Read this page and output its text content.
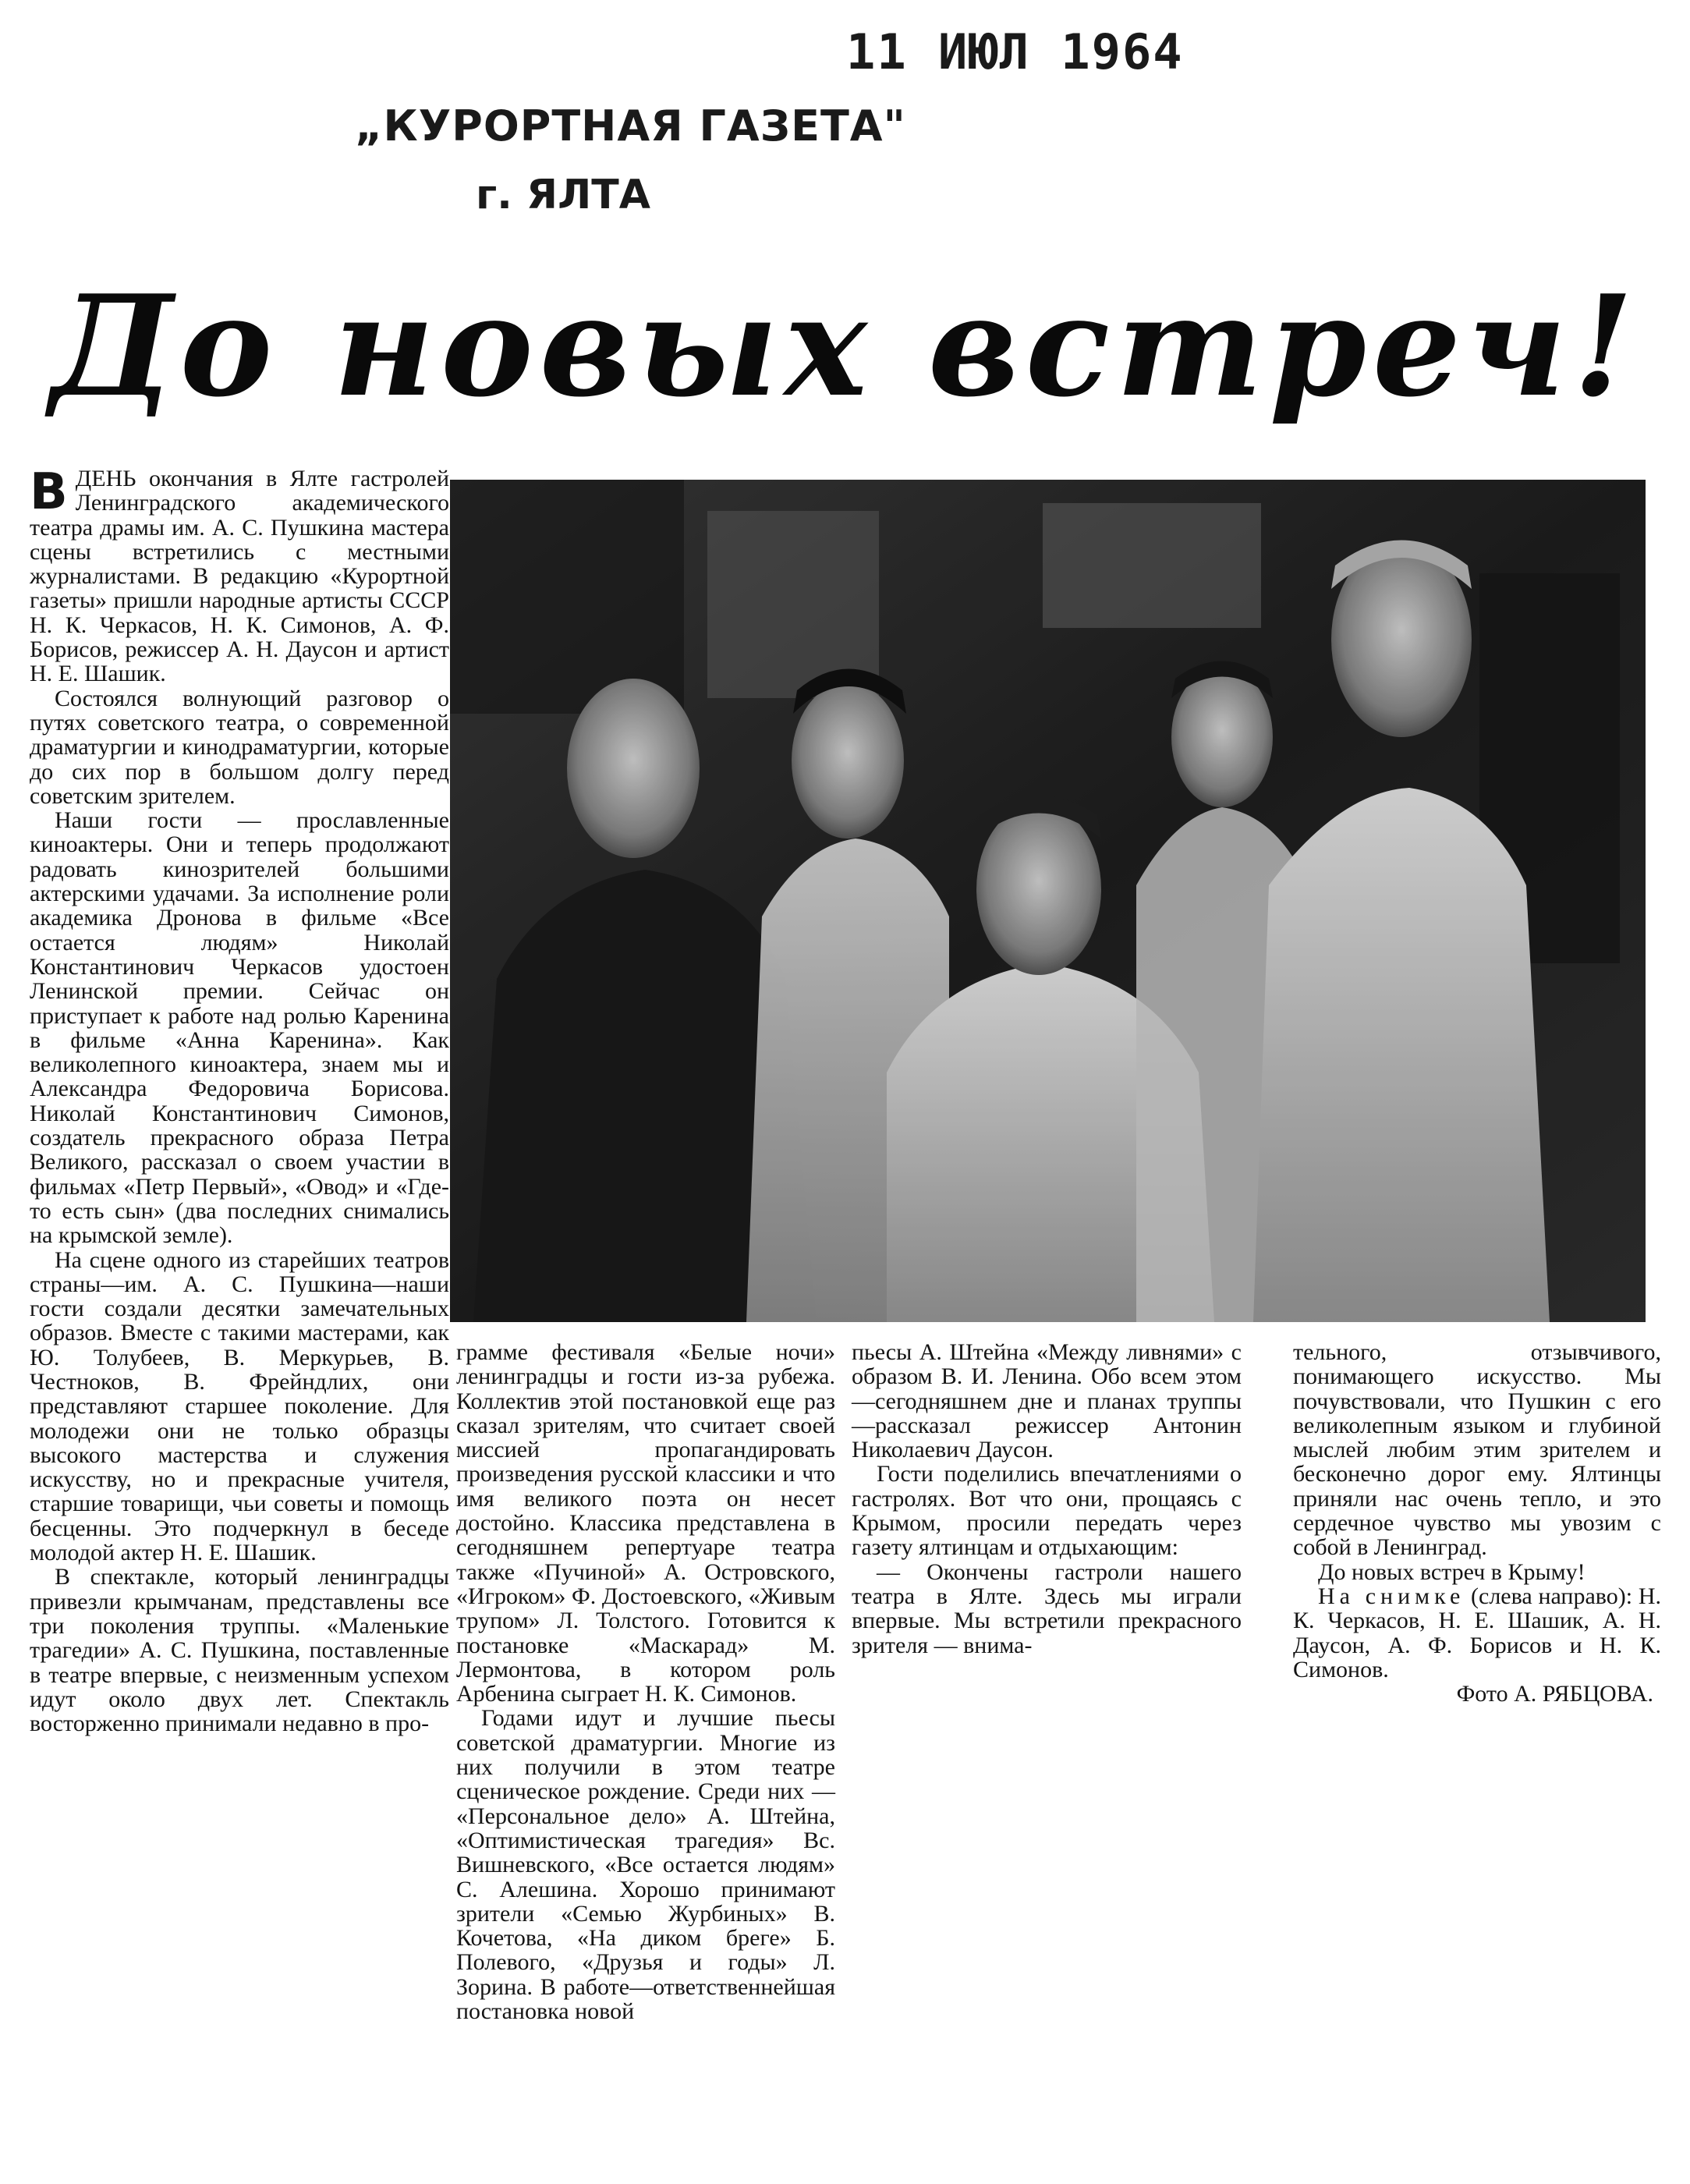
11 ИЮЛ 1964
„КУРОРТНАЯ ГАЗЕТА"
г. ЯЛТА
До новых встреч!
В ДЕНЬ окончания в Ялте гастролей Ленинградского академического театра драмы им. А. С. Пушкина мастера сцены встретились с местными журналистами. В редакцию «Курортной газеты» пришли народные артисты СССР Н. К. Черкасов, Н. К. Симонов, А. Ф. Борисов, режиссер А. Н. Даусон и артист Н. Е. Шашик.

Состоялся волнующий разговор о путях советского театра, о современной драматургии и кинодраматургии, которые до сих пор в большом долгу перед советским зрителем.

Наши гости — прославленные киноактеры. Они и теперь продолжают радовать кинозрителей большими актерскими удачами. За исполнение роли академика Дронова в фильме «Все остается людям» Николай Константинович Черкасов удостоен Ленинской премии. Сейчас он приступает к работе над ролью Каренина в фильме «Анна Каренина». Как великолепного киноактера, знаем мы и Александра Федоровича Борисова. Николай Константинович Симонов, создатель прекрасного образа Петра Великого, рассказал о своем участии в фильмах «Петр Первый», «Овод» и «Где-то есть сын» (два последних снимались на крымской земле).

На сцене одного из старейших театров страны—им. А. С. Пушкина—наши гости создали десятки замечательных образов. Вместе с такими мастерами, как Ю. Толубеев, В. Меркурьев, В. Честноков, В. Фрейндлих, они представляют старшее поколение. Для молодежи они не только образцы высокого мастерства и служения искусству, но и прекрасные учителя, старшие товарищи, чьи советы и помощь бесценны. Это подчеркнул в беседе молодой актер Н. Е. Шашик.

В спектакле, который ленинградцы привезли крымчанам, представлены все три поколения труппы. «Маленькие трагедии» А. С. Пушкина, поставленные в театре впервые, с неизменным успехом идут около двух лет. Спектакль восторженно принимали недавно в про-

грамме фестиваля «Белые ночи» ленинградцы и гости из-за рубежа. Коллектив этой постановкой еще раз сказал зрителям, что считает своей миссией пропагандировать произведения русской классики и что имя великого поэта он несет достойно. Классика представлена в сегодняшнем репертуаре театра также «Пучиной» А. Островского, «Игроком» Ф. Достоевского, «Живым трупом» Л. Толстого. Готовится к постановке «Маскарад» М. Лермонтова, в котором роль Арбенина сыграет Н. К. Симонов.

Годами идут и лучшие пьесы советской драматургии. Многие из них получили в этом театре сценическое рождение. Среди них — «Персональное дело» А. Штейна, «Оптимистическая трагедия» Вс. Вишневского, «Все остается людям» С. Алешина. Хорошо принимают зрители «Семью Журбиных» В. Кочетова, «На диком бреге» Б. Полевого, «Друзья и годы» Л. Зорина. В работе—ответственнейшая постановка новой

пьесы А. Штейна «Между ливнями» с образом В. И. Ленина. Обо всем этом—сегодняшнем дне и планах труппы—рассказал режиссер Антонин Николаевич Даусон.

Гости поделились впечатлениями о гастролях. Вот что они, прощаясь с Крымом, просили передать через газету ялтинцам и отдыхающим:

— Окончены гастроли нашего театра в Ялте. Здесь мы играли впервые. Мы встретили прекрасного зрителя — внима-

тельного, отзывчивого, понимающего искусство. Мы почувствовали, что Пушкин с его великолепным языком и глубиной мыслей любим этим зрителем и бесконечно дорог ему. Ялтинцы приняли нас очень тепло, и это сердечное чувство мы увозим с собой в Ленинград.

До новых встреч в Крыму!

На снимке (слева направо): Н. К. Черкасов, Н. Е. Шашик, А. Н. Даусон, А. Ф. Борисов и Н. К. Симонов.

Фото А. РЯБЦОВА.
